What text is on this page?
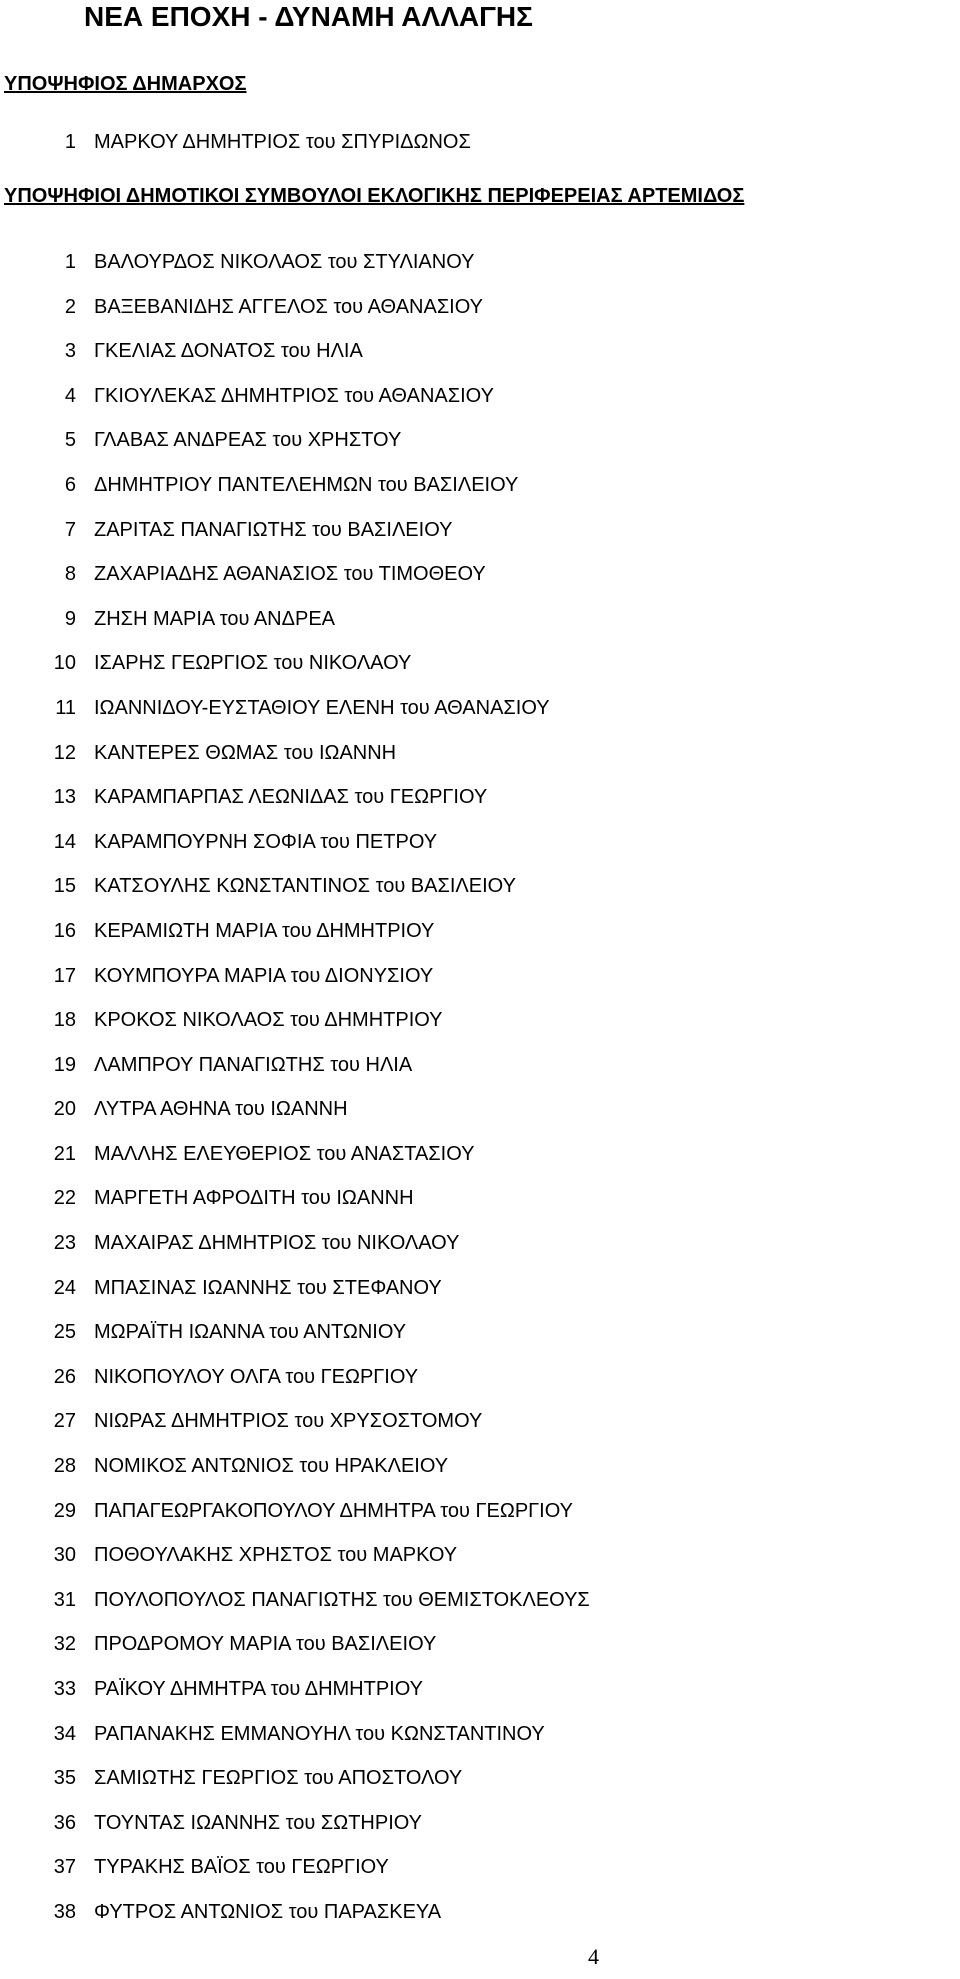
ΝΕΑ ΕΠΟΧΗ - ΔΥΝΑΜΗ ΑΛΛΑΓΗΣ
ΥΠΟΨΗΦΙΟΣ ΔΗΜΑΡΧΟΣ
1 ΜΑΡΚΟΥ ΔΗΜΗΤΡΙΟΣ του ΣΠΥΡΙΔΩΝΟΣ
ΥΠΟΨΗΦΙΟΙ ΔΗΜΟΤΙΚΟΙ ΣΥΜΒΟΥΛΟΙ ΕΚΛΟΓΙΚΗΣ ΠΕΡΙΦΕΡΕΙΑΣ ΑΡΤΕΜΙΔΟΣ
1 ΒΑΛΟΥΡΔΟΣ ΝΙΚΟΛΑΟΣ του ΣΤΥΛΙΑΝΟΥ
2 ΒΑΞΕΒΑΝΙΔΗΣ ΑΓΓΕΛΟΣ του ΑΘΑΝΑΣΙΟΥ
3 ΓΚΕΛΙΑΣ ΔΟΝΑΤΟΣ του ΗΛΙΑ
4 ΓΚΙΟΥΛΕΚΑΣ ΔΗΜΗΤΡΙΟΣ του ΑΘΑΝΑΣΙΟΥ
5 ΓΛΑΒΑΣ ΑΝΔΡΕΑΣ του ΧΡΗΣΤΟΥ
6 ΔΗΜΗΤΡΙΟΥ ΠΑΝΤΕΛΕΗΜΩΝ του ΒΑΣΙΛΕΙΟΥ
7 ΖΑΡΙΤΑΣ ΠΑΝΑΓΙΩΤΗΣ του ΒΑΣΙΛΕΙΟΥ
8 ΖΑΧΑΡΙΑΔΗΣ ΑΘΑΝΑΣΙΟΣ του ΤΙΜΟΘΕΟΥ
9 ΖΗΣΗ ΜΑΡΙΑ του ΑΝΔΡΕΑ
10 ΙΣΑΡΗΣ ΓΕΩΡΓΙΟΣ του ΝΙΚΟΛΑΟΥ
11 ΙΩΑΝΝΙΔΟΥ-ΕΥΣΤΑΘΙΟΥ ΕΛΕΝΗ του ΑΘΑΝΑΣΙΟΥ
12 ΚΑΝΤΕΡΕΣ ΘΩΜΑΣ του ΙΩΑΝΝΗ
13 ΚΑΡΑΜΠΑΡΠΑΣ ΛΕΩΝΙΔΑΣ του ΓΕΩΡΓΙΟΥ
14 ΚΑΡΑΜΠΟΥΡΝΗ ΣΟΦΙΑ του ΠΕΤΡΟΥ
15 ΚΑΤΣΟΥΛΗΣ ΚΩΝΣΤΑΝΤΙΝΟΣ του ΒΑΣΙΛΕΙΟΥ
16 ΚΕΡΑΜΙΩΤΗ ΜΑΡΙΑ του ΔΗΜΗΤΡΙΟΥ
17 ΚΟΥΜΠΟΥΡΑ ΜΑΡΙΑ του ΔΙΟΝΥΣΙΟΥ
18 ΚΡΟΚΟΣ ΝΙΚΟΛΑΟΣ του ΔΗΜΗΤΡΙΟΥ
19 ΛΑΜΠΡΟΥ ΠΑΝΑΓΙΩΤΗΣ του ΗΛΙΑ
20 ΛΥΤΡΑ ΑΘΗΝΑ του ΙΩΑΝΝΗ
21 ΜΑΛΛΗΣ ΕΛΕΥΘΕΡΙΟΣ του ΑΝΑΣΤΑΣΙΟΥ
22 ΜΑΡΓΕΤΗ ΑΦΡΟΔΙΤΗ του ΙΩΑΝΝΗ
23 ΜΑΧΑΙΡΑΣ ΔΗΜΗΤΡΙΟΣ του ΝΙΚΟΛΑΟΥ
24 ΜΠΑΣΙΝΑΣ ΙΩΑΝΝΗΣ του ΣΤΕΦΑΝΟΥ
25 ΜΩΡΑΪΤΗ ΙΩΑΝΝΑ του ΑΝΤΩΝΙΟΥ
26 ΝΙΚΟΠΟΥΛΟΥ ΟΛΓΑ του ΓΕΩΡΓΙΟΥ
27 ΝΙΩΡΑΣ ΔΗΜΗΤΡΙΟΣ του ΧΡΥΣΟΣΤΟΜΟΥ
28 ΝΟΜΙΚΟΣ ΑΝΤΩΝΙΟΣ του ΗΡΑΚΛΕΙΟΥ
29 ΠΑΠΑΓΕΩΡΓΑΚΟΠΟΥΛΟΥ ΔΗΜΗΤΡΑ του ΓΕΩΡΓΙΟΥ
30 ΠΟΘΟΥΛΑΚΗΣ ΧΡΗΣΤΟΣ του ΜΑΡΚΟΥ
31 ΠΟΥΛΟΠΟΥΛΟΣ ΠΑΝΑΓΙΩΤΗΣ του ΘΕΜΙΣΤΟΚΛΕΟΥΣ
32 ΠΡΟΔΡΟΜΟΥ ΜΑΡΙΑ του ΒΑΣΙΛΕΙΟΥ
33 ΡΑΪΚΟΥ ΔΗΜΗΤΡΑ του ΔΗΜΗΤΡΙΟΥ
34 ΡΑΠΑΝΑΚΗΣ ΕΜΜΑΝΟΥΗΛ του ΚΩΝΣΤΑΝΤΙΝΟΥ
35 ΣΑΜΙΩΤΗΣ ΓΕΩΡΓΙΟΣ του ΑΠΟΣΤΟΛΟΥ
36 ΤΟΥΝΤΑΣ ΙΩΑΝΝΗΣ του ΣΩΤΗΡΙΟΥ
37 ΤΥΡΑΚΗΣ ΒΑΪΟΣ του ΓΕΩΡΓΙΟΥ
38 ΦΥΤΡΟΣ ΑΝΤΩΝΙΟΣ του ΠΑΡΑΣΚΕΥΑ
4
